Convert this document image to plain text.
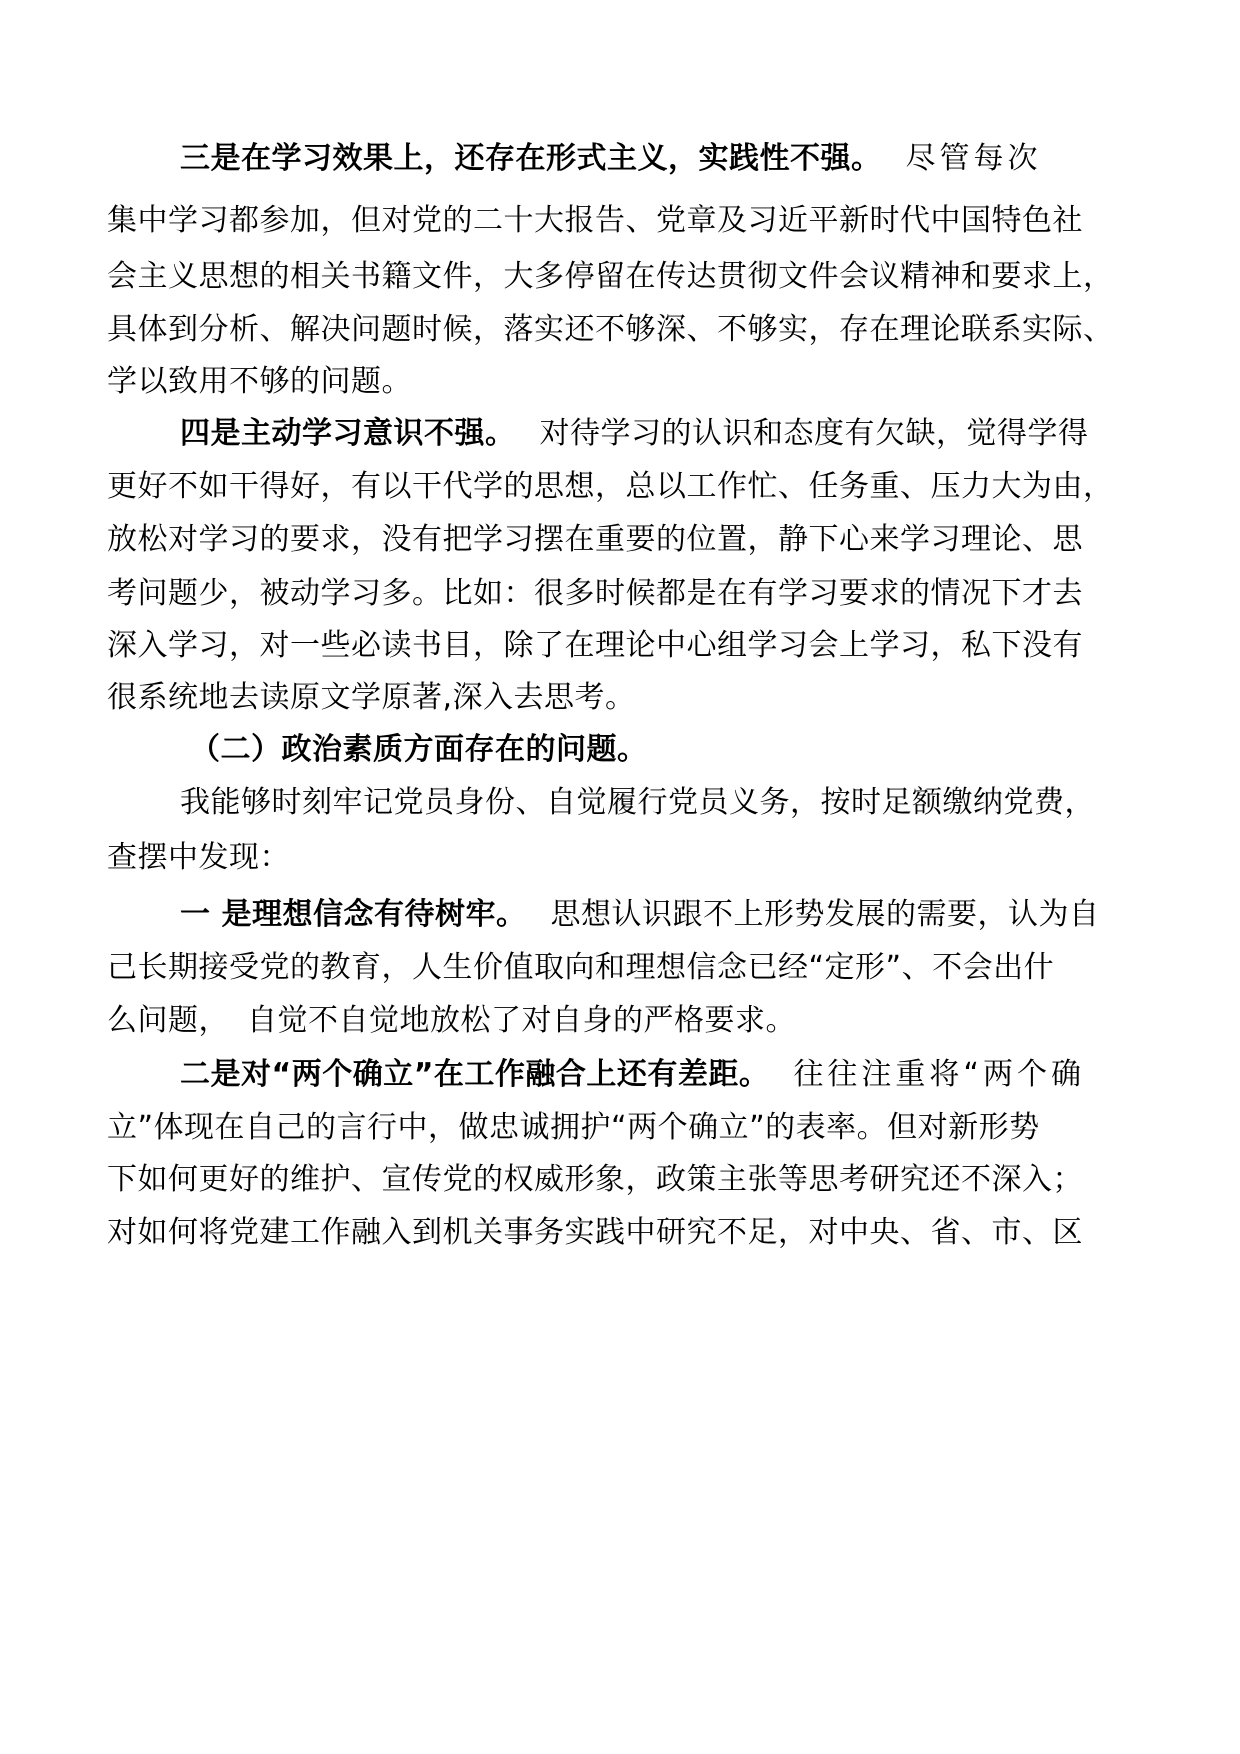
三是在学习效果上，还存在形式主义，实践性不强。 尽管每次
集中学习都参加，但对党的二十大报告、党章及习近平新时代中国特色社
会主义思想的相关书籍文件，大多停留在传达贯彻文件会议精神和要求上，
具体到分析、解决问题时候，落实还不够深、不够实，存在理论联系实际、
学以致用不够的问题。
四是主动学习意识不强。 对待学习的认识和态度有欠缺，觉得学得
更好不如干得好，有以干代学的思想，总以工作忙、任务重、压力大为由，
放松对学习的要求，没有把学习摆在重要的位置，静下心来学习理论、思
考问题少，被动学习多。比如：很多时候都是在有学习要求的情况下才去
深入学习，对一些必读书目，除了在理论中心组学习会上学习，私下没有
很系统地去读原文学原著,深入去思考。
（二）政治素质方面存在的问题。
我能够时刻牢记党员身份、自觉履行党员义务，按时足额缴纳党费，
查摆中发现：
一 是理想信念有待树牢。 思想认识跟不上形势发展的需要，认为自
己长期接受党的教育，人生价值取向和理想信念已经“定形”、不会出什
么问题， 自觉不自觉地放松了对自身的严格要求。
二是对“两个确立”在工作融合上还有差距。 往往注重将“两个确
立”体现在自己的言行中，做忠诚拥护“两个确立”的表率。但对新形势
下如何更好的维护、宣传党的权威形象，政策主张等思考研究还不深入；
对如何将党建工作融入到机关事务实践中研究不足，对中央、省、市、区
